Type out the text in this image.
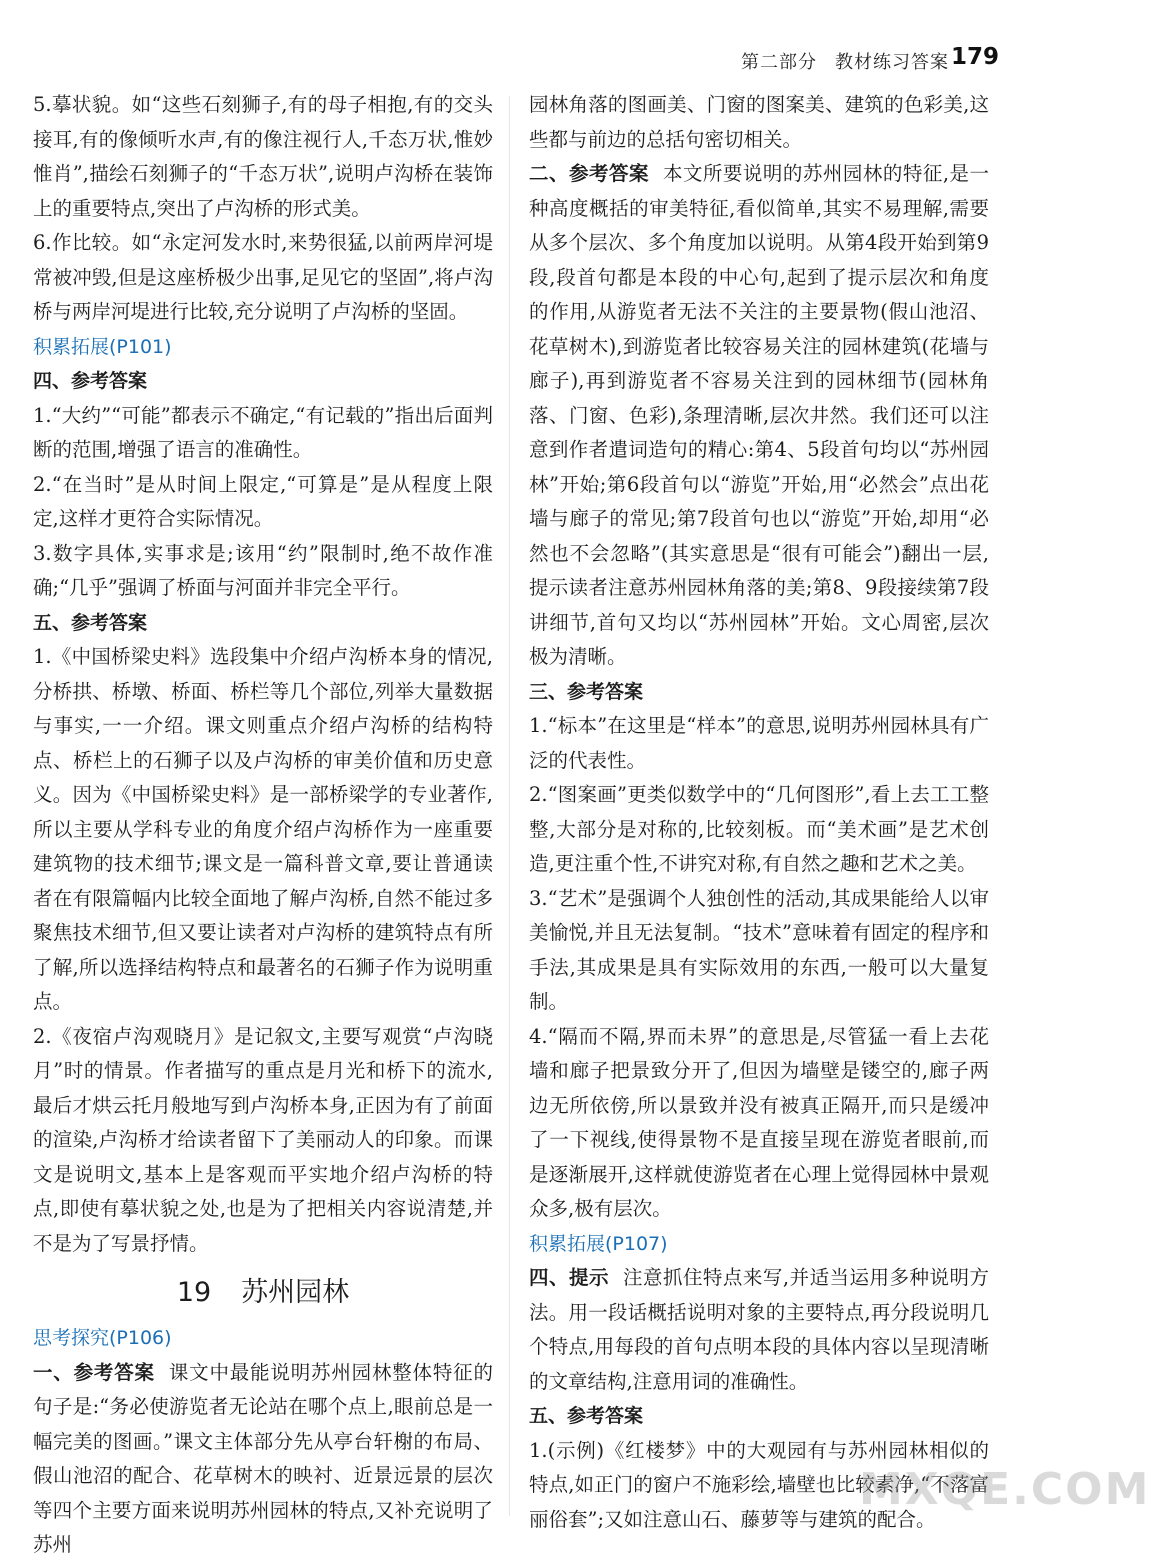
第二部分 教材练习答案 179

5.摹状貌。如“这些石刻狮子,有的母子相抱,有的交头接耳,有的像倾听水声,有的像注视行人,千态万状,惟妙惟肖”,描绘石刻狮子的“千态万状”,说明卢沟桥在装饰上的重要特点,突出了卢沟桥的形式美。

6.作比较。如“永定河发水时,来势很猛,以前两岸河堤常被冲毁,但是这座桥极少出事,足见它的坚固”,将卢沟桥与两岸河堤进行比较,充分说明了卢沟桥的坚固。

积累拓展(P101)
四、参考答案

1.“大约”“可能”都表示不确定,“有记载的”指出后面判断的范围,增强了语言的准确性。

2.“在当时”是从时间上限定,“可算是”是从程度上限定,这样才更符合实际情况。

3.数字具体,实事求是;该用“约”限制时,绝不故作准确;“几乎”强调了桥面与河面并非完全平行。

五、参考答案

1.《中国桥梁史料》选段集中介绍卢沟桥本身的情况,分桥拱、桥墩、桥面、桥栏等几个部位,列举大量数据与事实,一一介绍。课文则重点介绍卢沟桥的结构特点、桥栏上的石狮子以及卢沟桥的审美价值和历史意义。因为《中国桥梁史料》是一部桥梁学的专业著作,所以主要从学科专业的角度介绍卢沟桥作为一座重要建筑物的技术细节;课文是一篇科普文章,要让普通读者在有限篇幅内比较全面地了解卢沟桥,自然不能过多聚焦技术细节,但又要让读者对卢沟桥的建筑特点有所了解,所以选择结构特点和最著名的石狮子作为说明重点。

2.《夜宿卢沟观晓月》是记叙文,主要写观赏“卢沟晓月”时的情景。作者描写的重点是月光和桥下的流水,最后才烘云托月般地写到卢沟桥本身,正因为有了前面的渲染,卢沟桥才给读者留下了美丽动人的印象。而课文是说明文,基本上是客观而平实地介绍卢沟桥的特点,即使有摹状貌之处,也是为了把相关内容说清楚,并不是为了写景抒情。

19 苏州园林
思考探究(P106)

一、参考答案 课文中最能说明苏州园林整体特征的句子是:“务必使游览者无论站在哪个点上,眼前总是一幅完美的图画。”课文主体部分先从亭台轩榭的布局、假山池沼的配合、花草树木的映衬、近景远景的层次等四个主要方面来说明苏州园林的特点,又补充说明了苏州

园林角落的图画美、门窗的图案美、建筑的色彩美,这些都与前边的总括句密切相关。

二、参考答案 本文所要说明的苏州园林的特征,是一种高度概括的审美特征,看似简单,其实不易理解,需要从多个层次、多个角度加以说明。从第4段开始到第9段,段首句都是本段的中心句,起到了提示层次和角度的作用,从游览者无法不关注的主要景物(假山池沼、花草树木),到游览者比较容易关注的园林建筑(花墙与廊子),再到游览者不容易关注到的园林细节(园林角落、门窗、色彩),条理清晰,层次井然。我们还可以注意到作者遣词造句的精心:第4、5段首句均以“苏州园林”开始;第6段首句以“游览”开始,用“必然会”点出花墙与廊子的常见;第7段首句也以“游览”开始,却用“必然也不会忽略”(其实意思是“很有可能会”)翻出一层,提示读者注意苏州园林角落的美;第8、9段接续第7段讲细节,首句又均以“苏州园林”开始。文心周密,层次极为清晰。

三、参考答案

1.“标本”在这里是“样本”的意思,说明苏州园林具有广泛的代表性。

2.“图案画”更类似数学中的“几何图形”,看上去工工整整,大部分是对称的,比较刻板。而“美术画”是艺术创造,更注重个性,不讲究对称,有自然之趣和艺术之美。

3.“艺术”是强调个人独创性的活动,其成果能给人以审美愉悦,并且无法复制。“技术”意味着有固定的程序和手法,其成果是具有实际效用的东西,一般可以大量复制。

4.“隔而不隔,界而未界”的意思是,尽管猛一看上去花墙和廊子把景致分开了,但因为墙壁是镂空的,廊子两边无所依傍,所以景致并没有被真正隔开,而只是缓冲了一下视线,使得景物不是直接呈现在游览者眼前,而是逐渐展开,这样就使游览者在心理上觉得园林中景观众多,极有层次。

积累拓展(P107)

四、提示 注意抓住特点来写,并适当运用多种说明方法。用一段话概括说明对象的主要特点,再分段说明几个特点,用每段的首句点明本段的具体内容以呈现清晰的文章结构,注意用词的准确性。

五、参考答案

1.(示例)《红楼梦》中的大观园有与苏州园林相似的特点,如正门的窗户不施彩绘,墙壁也比较素净,“不落富丽俗套”;又如注意山石、藤萝等与建筑的配合。

MXQE.COM
